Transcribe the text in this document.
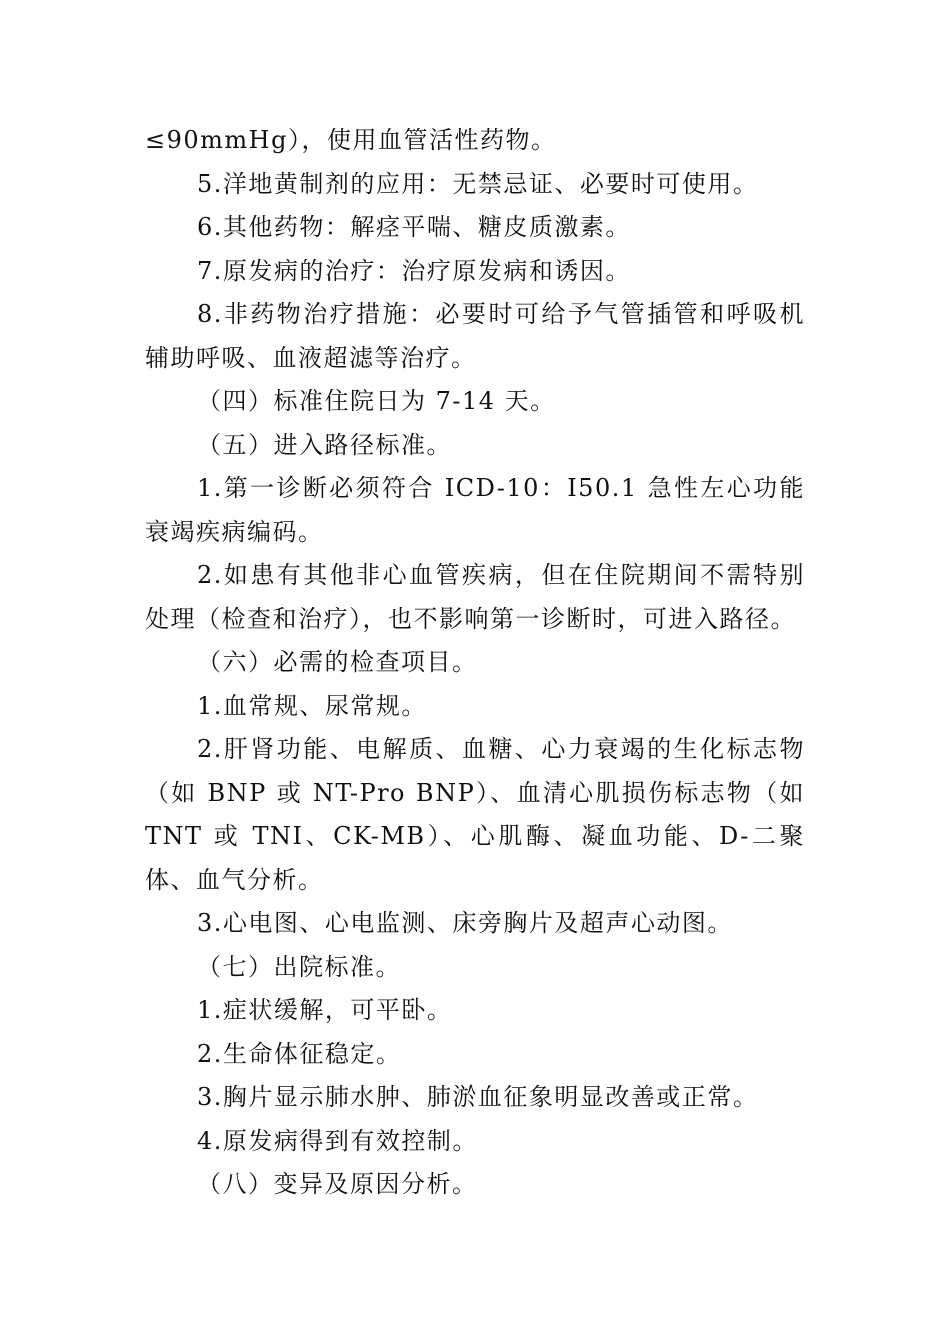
≤90mmHg），使用血管活性药物。

5.洋地黄制剂的应用：无禁忌证、必要时可使用。

6.其他药物：解痉平喘、糖皮质激素。

7.原发病的治疗：治疗原发病和诱因。

8.非药物治疗措施：必要时可给予气管插管和呼吸机辅助呼吸、血液超滤等治疗。

（四）标准住院日为 7-14 天。

（五）进入路径标准。

1.第一诊断必须符合 ICD-10：I50.1 急性左心功能衰竭疾病编码。

2.如患有其他非心血管疾病，但在住院期间不需特别处理（检查和治疗），也不影响第一诊断时，可进入路径。

（六）必需的检查项目。

1.血常规、尿常规。

2.肝肾功能、电解质、血糖、心力衰竭的生化标志物（如 BNP 或 NT-Pro BNP）、血清心肌损伤标志物（如 TNT 或 TNI、CK-MB）、心肌酶、凝血功能、D-二聚体、血气分析。

3.心电图、心电监测、床旁胸片及超声心动图。

（七）出院标准。

1.症状缓解，可平卧。

2.生命体征稳定。

3.胸片显示肺水肿、肺淤血征象明显改善或正常。

4.原发病得到有效控制。

（八）变异及原因分析。
